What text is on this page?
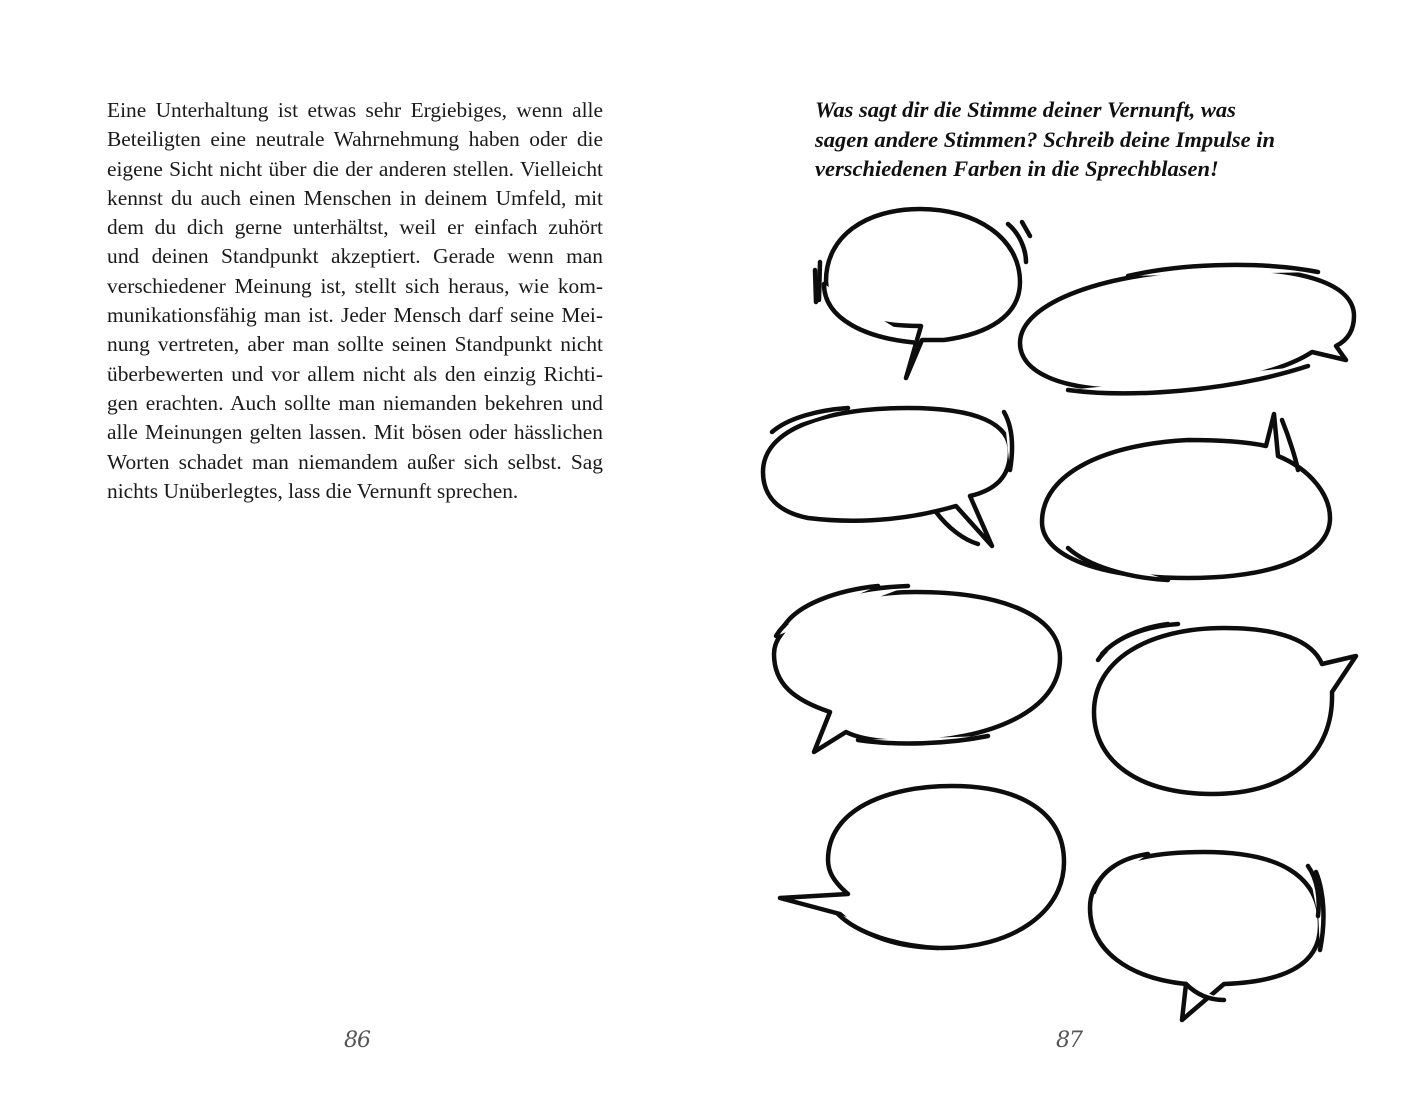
Eine Unterhaltung ist etwas sehr Ergiebiges, wenn alle
Beteiligten eine neutrale Wahrnehmung haben oder die
eigene Sicht nicht über die der anderen stellen. Vielleicht
kennst du auch einen Menschen in deinem Umfeld, mit
dem du dich gerne unterhältst, weil er einfach zuhört
und deinen Standpunkt akzeptiert. Gerade wenn man
verschiedener Meinung ist, stellt sich heraus, wie kom-
munikationsfähig man ist. Jeder Mensch darf seine Mei-
nung vertreten, aber man sollte seinen Standpunkt nicht
überbewerten und vor allem nicht als den einzig Richti-
gen erachten. Auch sollte man niemanden bekehren und
alle Meinungen gelten lassen. Mit bösen oder hässlichen
Worten schadet man niemandem außer sich selbst. Sag
nichts Unüberlegtes, lass die Vernunft sprechen.

86

Was sagt dir die Stimme deiner Vernunft, was
sagen andere Stimmen? Schreib deine Impulse in
verschiedenen Farben in die Sprechblasen!

87
